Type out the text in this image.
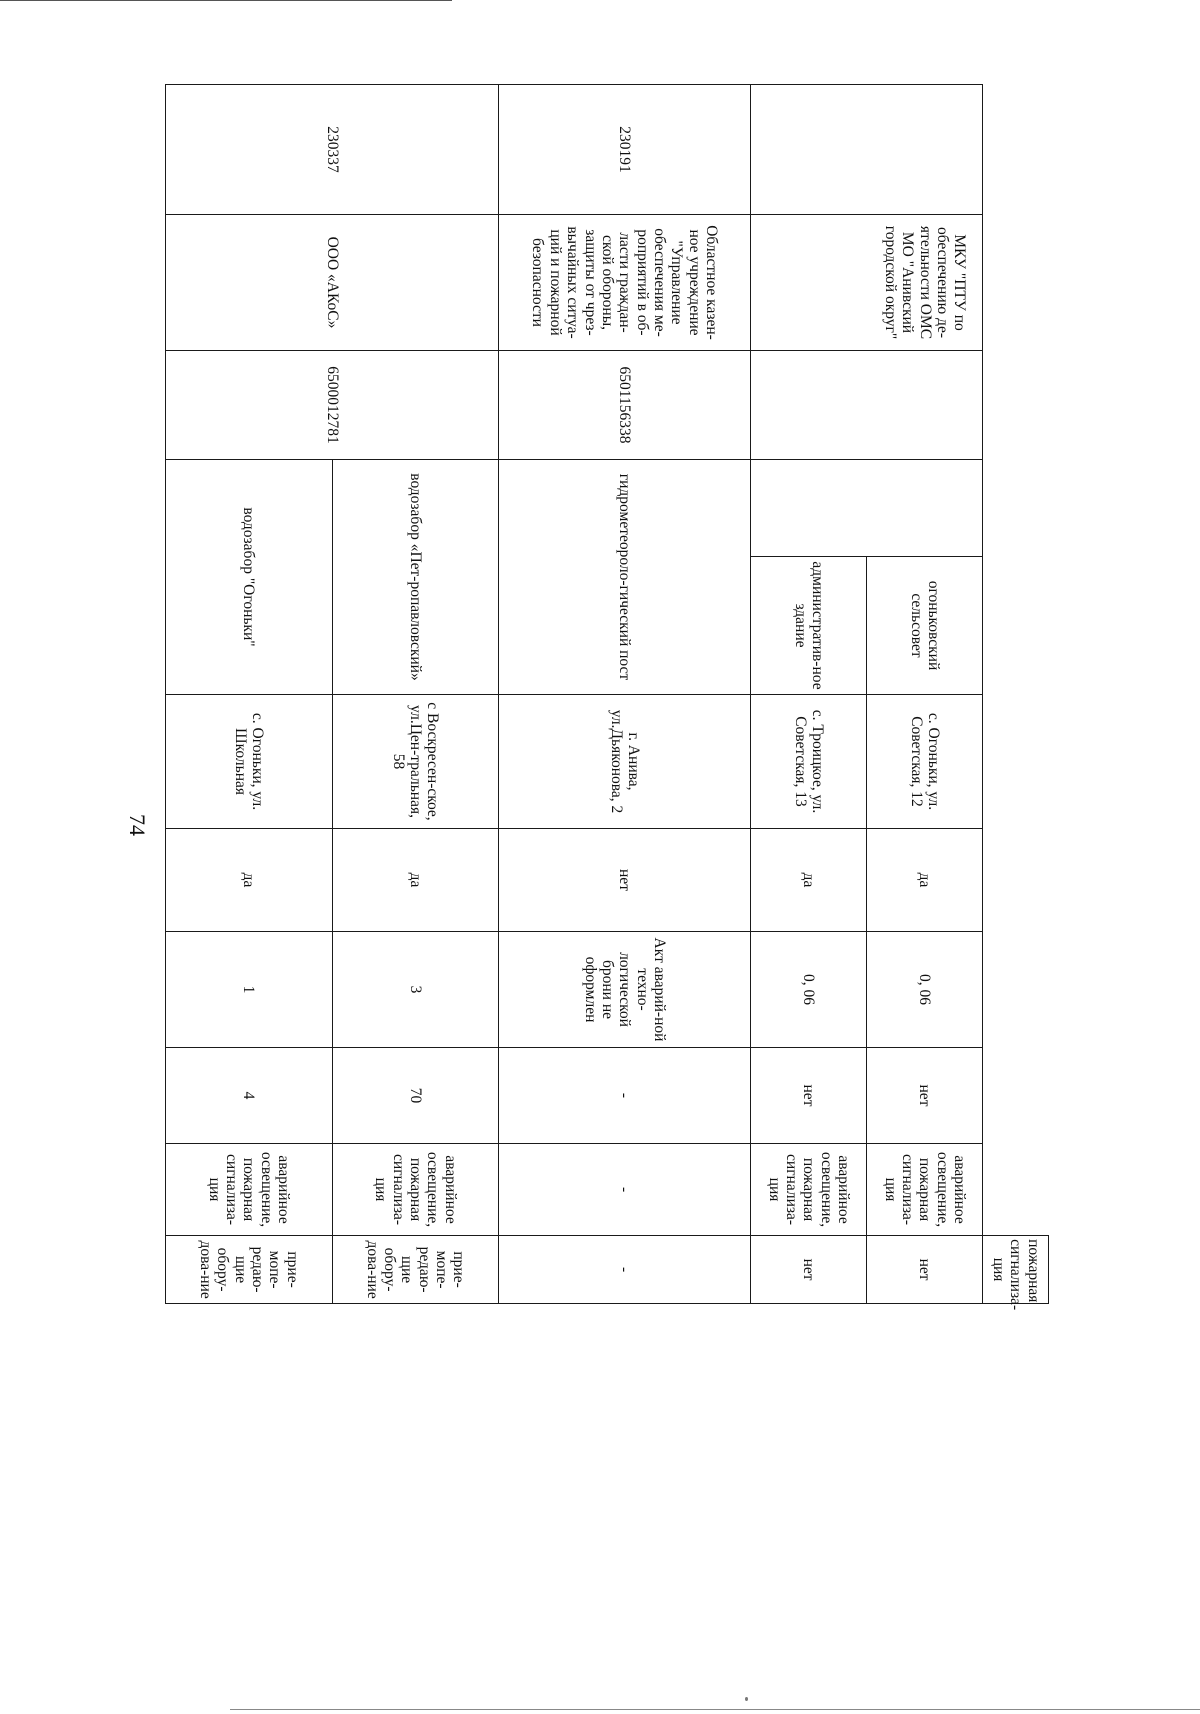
74
										пожарная сигнализа-ция		
	МКУ "ПТУ по обеспечению де-ятельности ОМС МО "Анивский городской округ"			огоньковский сельсовет	с. Огоньки, ул. Советская, 12	да	0, 06	нет	аварийное освещение, пожарная сигнализа-ция	нет	
				административ-ное здание	с. Троицкое, ул. Советская, 13	да	0, 06	нет	аварийное освещение, пожарная сигнализа-ция	нет	
230191	Областное казен-ное учреждение "Управление обеспечения ме-роприятий в об-ласти граждан-ской обороны, защиты от чрез-вычайных ситуа-ций и пожарной безопасности	6501156338	гидрометеороло-гический пост		г. Анива, ул.Дьяконова, 2	нет	Акт аварий-ной техно-логической брони не оформлен	-	-	-	
230337	ООО «АКоС»	6500012781	водозабор «Пет-ропавловский»		с Воскресен-ское, ул.Цен-тральная, 58	да	3	70	аварийное освещение, пожарная сигнализа-ция	прие-мопе-редаю-щие обору-дова-ние	
			водозабор "Огоньки"		с. Огоньки, ул. Школьная	да	1	4	аварийное освещение, пожарная сигнализа-ция	прие-мопе-редаю-щие обору-дова-ние	
